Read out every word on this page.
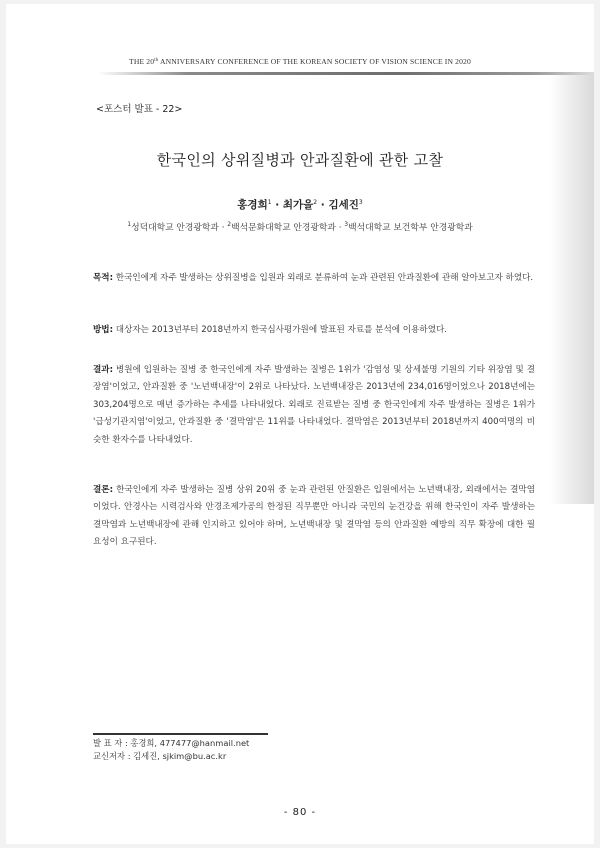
THE 20th ANNIVERSARY CONFERENCE OF THE KOREAN SOCIETY OF VISION SCIENCE IN 2020
<포스터 발표 - 22>
한국인의 상위질병과 안과질환에 관한 고찰
홍경희$^1$ · 최가을$^2$ · 김세진$^3$
$^1$성덕대학교 안경광학과 · $^2$백석문화대학교 안경광학과 · $^3$백석대학교 보건학부 안경광학과
목적: 한국인에게 자주 발생하는 상위질병을 입원과 외래로 분류하여 눈과 관련된 안과질환에 관해 알아보고자 하였다.
방법: 대상자는 2013년부터 2018년까지 한국심사평가원에 발표된 자료를 분석에 이용하였다.
결과: 병원에 입원하는 질병 중 한국인에게 자주 발생하는 질병은 1위가 '감염성 및 상세불명 기원의 기타 위장염 및 결장염'이었고, 안과질환 중 '노년백내장'이 2위로 나타났다. 노년백내장은 2013년에 234,016명이었으나 2018년에는 303,204명으로 매년 증가하는 추세를 나타내었다. 외래로 진료받는 질병 중 한국인에게 자주 발생하는 질병은 1위가 '급성기관지염'이었고, 안과질환 중 '결막염'은 11위를 나타내었다. 결막염은 2013년부터 2018년까지 400여명의 비슷한 환자수를 나타내었다.
결론: 한국인에게 자주 발생하는 질병 상위 20위 중 눈과 관련된 안질환은 입원에서는 노년백내장, 외래에서는 결막염이었다. 안경사는 시력검사와 안경조제가공의 한정된 직무뿐만 아니라 국민의 눈건강을 위해 한국인이 자주 발생하는 결막염과 노년백내장에 관해 인지하고 있어야 하며, 노년백내장 및 결막염 등의 안과질환 예방의 직무 확장에 대한 필요성이 요구된다.
발 표 자 : 홍경희, 477477@hanmail.net
교신저자 : 김세진, sjkim@bu.ac.kr
- 80 -
